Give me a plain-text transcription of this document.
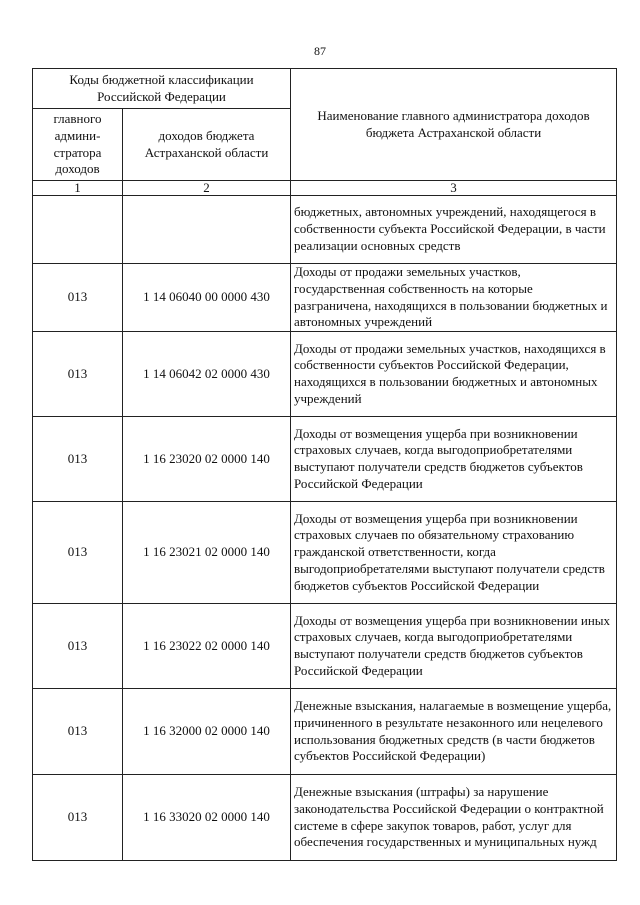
87
Коды бюджетной классификации Российской Федерации		Наименование главного администратора доходов бюджета Астраханской области
главного админи-стратора доходов	доходов бюджета Астраханской области	
1	2	3
		бюджетных, автономных учреждений, находящегося в собственности субъекта Российской Федерации, в части реализации основных средств
013	1 14 06040 00 0000 430	Доходы от продажи земельных участков, государственная собственность на которые разграничена, находящихся в пользовании бюджетных и автономных учреждений
013	1 14 06042 02 0000 430	Доходы от продажи земельных участков, находящихся в собственности субъектов Российской Федерации, находящихся в пользовании бюджетных и автономных учреждений
013	1 16 23020 02 0000 140	Доходы от возмещения ущерба при возникновении страховых случаев, когда выгодоприобретателями выступают получатели средств бюджетов субъектов Российской Федерации
013	1 16 23021 02 0000 140	Доходы от возмещения ущерба при возникновении страховых случаев по обязательному страхованию гражданской ответственности, когда выгодоприобретателями выступают получатели средств бюджетов субъектов Российской Федерации
013	1 16 23022 02 0000 140	Доходы от возмещения ущерба при возникновении иных страховых случаев, когда выгодоприобретателями выступают получатели средств бюджетов субъектов Российской Федерации
013	1 16 32000 02 0000 140	Денежные взыскания, налагаемые в возмещение ущерба, причиненного в результате незаконного или нецелевого использования бюджетных средств (в части бюджетов субъектов Российской Федерации)
013	1 16 33020 02 0000 140	Денежные взыскания (штрафы) за нарушение законодательства Российской Федерации о контрактной системе в сфере закупок товаров, работ, услуг для обеспечения государственных и муниципальных нужд
